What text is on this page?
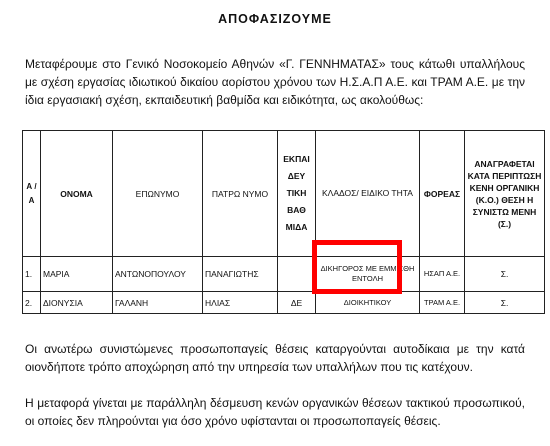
ΑΠΟΦΑΣΙΖΟΥΜΕ

Μεταφέρουμε στο Γενικό Νοσοκομείο Αθηνών «Γ. ΓΕΝΝΗΜΑΤΑΣ» τους κάτωθι υπαλλήλους με σχέση εργασίας ιδιωτικού δικαίου αορίστου χρόνου των Η.Σ.Α.Π Α.Ε. και ΤΡΑΜ Α.Ε. με την ίδια εργασιακή σχέση, εκπαιδευτική βαθμίδα και ειδικότητα, ως ακολούθως:

Α / Α	ΟΝΟΜΑ	ΕΠΩΝΥΜΟ	ΠΑΤΡΩ ΝΥΜΟ	ΕΚΠΑΙ ΔΕΥ ΤΙΚΗ ΒΑΘ ΜΙΔΑ	ΚΛΑΔΟΣ/ ΕΙΔΙΚΟ ΤΗΤΑ	ΦΟΡΕΑΣ	ΑΝΑΓΡΑΦΕΤΑΙ ΚΑΤΑ ΠΕΡΙΠΤΩΣΗ ΚΕΝΗ ΟΡΓΑΝΙΚΗ (Κ.Ο.) ΘΕΣΗ Η ΣΥΝΙΣΤΩ ΜΕΝΗ (Σ.)
1.	ΜΑΡΙΑ	ΑΝΤΩΝΟΠΟΥΛΟΥ	ΠΑΝΑΓΙΩΤΗΣ		ΔΙΚΗΓΟΡΟΣ ΜΕ ΕΜΜΙΣΘΗ ΕΝΤΟΛΗ	ΗΣΑΠ Α.Ε.	Σ.
2.	ΔΙΟΝΥΣΙΑ	ΓΑΛΑΝΗ	ΗΛΙΑΣ	ΔΕ	ΔΙΟΙΚΗΤΙΚΟΥ	ΤΡΑΜ Α.Ε.	Σ.

Οι ανωτέρω συνιστώμενες προσωποπαγείς θέσεις καταργούνται αυτοδίκαια με την κατά οιονδήποτε τρόπο αποχώρηση από την υπηρεσία των υπαλλήλων που τις κατέχουν.

Η μεταφορά γίνεται με παράλληλη δέσμευση κενών οργανικών θέσεων τακτικού προσωπικού, οι οποίες δεν πληρούνται για όσο χρόνο υφίστανται οι προσωποπαγείς θέσεις.
